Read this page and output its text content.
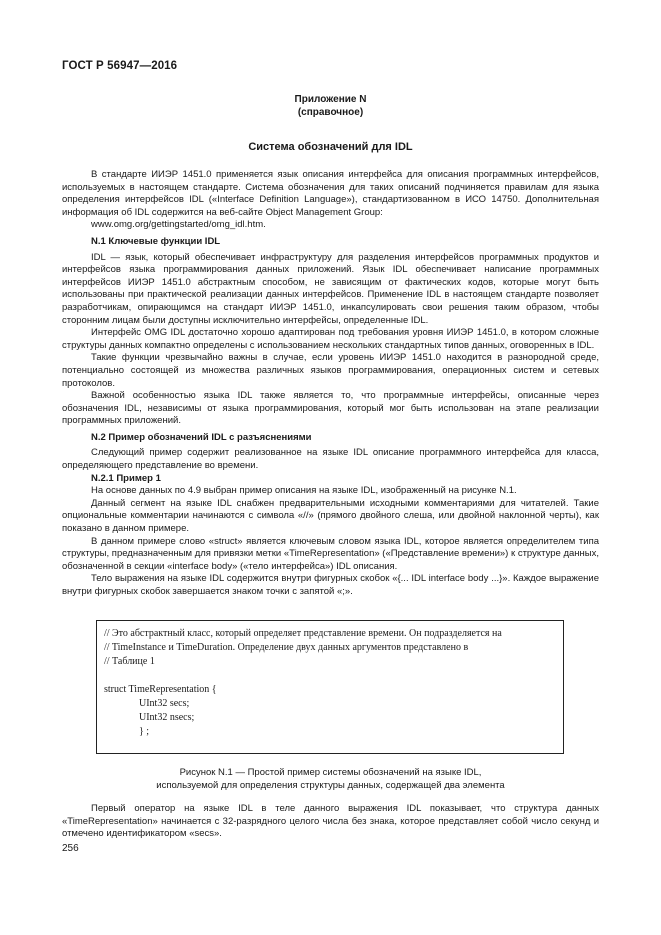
ГОСТ Р 56947—2016
Приложение N
(справочное)
Система обозначений для IDL

В стандарте ИИЭР 1451.0 применяется язык описания интерфейса для описания программных интерфейсов, используемых в настоящем стандарте. Система обозначения для таких описаний подчиняется правилам для языка определения интерфейсов IDL («Interface Definition Language»), стандартизованном в ИСО 14750. Дополнительная информация об IDL содержится на веб-сайте Object Management Group:

www.omg.org/gettingstarted/omg_idl.htm.

N.1 Ключевые функции IDL

IDL — язык, который обеспечивает инфраструктуру для разделения интерфейсов программных продуктов и интерфейсов языка программирования данных приложений. Язык IDL обеспечивает написание программных интерфейсов ИИЭР 1451.0 абстрактным способом, не зависящим от фактических кодов, которые могут быть использованы при практической реализации данных интерфейсов. Применение IDL в настоящем стандарте позволяет разработчикам, опирающимся на стандарт ИИЭР 1451.0, инкапсулировать свои решения таким образом, чтобы сторонним лицам были доступны исключительно интерфейсы, определенные IDL.

Интерфейс OMG IDL достаточно хорошо адаптирован под требования уровня ИИЭР 1451.0, в котором сложные структуры данных компактно определены с использованием нескольких стандартных типов данных, оговоренных в IDL.

Такие функции чрезвычайно важны в случае, если уровень ИИЭР 1451.0 находится в разнородной среде, потенциально состоящей из множества различных языков программирования, операционных систем и сетевых протоколов.

Важной особенностью языка IDL также является то, что программные интерфейсы, описанные через обозначения IDL, независимы от языка программирования, который мог быть использован на этапе реализации программных приложений.

N.2 Пример обозначений IDL с разъяснениями

Следующий пример содержит реализованное на языке IDL описание программного интерфейса для класса, определяющего представление во времени.

N.2.1 Пример 1

На основе данных по 4.9 выбран пример описания на языке IDL, изображенный на рисунке N.1.

Данный сегмент на языке IDL снабжен предварительными исходными комментариями для читателей. Такие опциональные комментарии начинаются с символа «//» (прямого двойного слеша, или двойной наклонной черты), как показано в данном примере.

В данном примере слово «struct» является ключевым словом языка IDL, которое является определителем типа структуры, предназначенным для привязки метки «TimeRepresentation» («Представление времени») к структуре данных, обозначенной в секции «interface body» («тело интерфейса») IDL описания.

Тело выражения на языке IDL содержится внутри фигурных скобок «{... IDL interface body ...}». Каждое выражение внутри фигурных скобок завершается знаком точки с запятой «;».

// Это абстрактный класс, который определяет представление времени. Он подразделяется на
// TimeInstance и TimeDuration. Определение двух данных аргументов представлено в
// Таблице 1
struct TimeRepresentation {
UInt32 secs;
UInt32 nsecs;
} ;
Рисунок N.1 — Простой пример системы обозначений на языке IDL,
используемой для определения структуры данных, содержащей два элемента

Первый оператор на языке IDL в теле данного выражения IDL показывает, что структура данных «TimeRepresentation» начинается с 32-разрядного целого числа без знака, которое представляет собой число секунд и отмечено идентификатором «secs».

256
